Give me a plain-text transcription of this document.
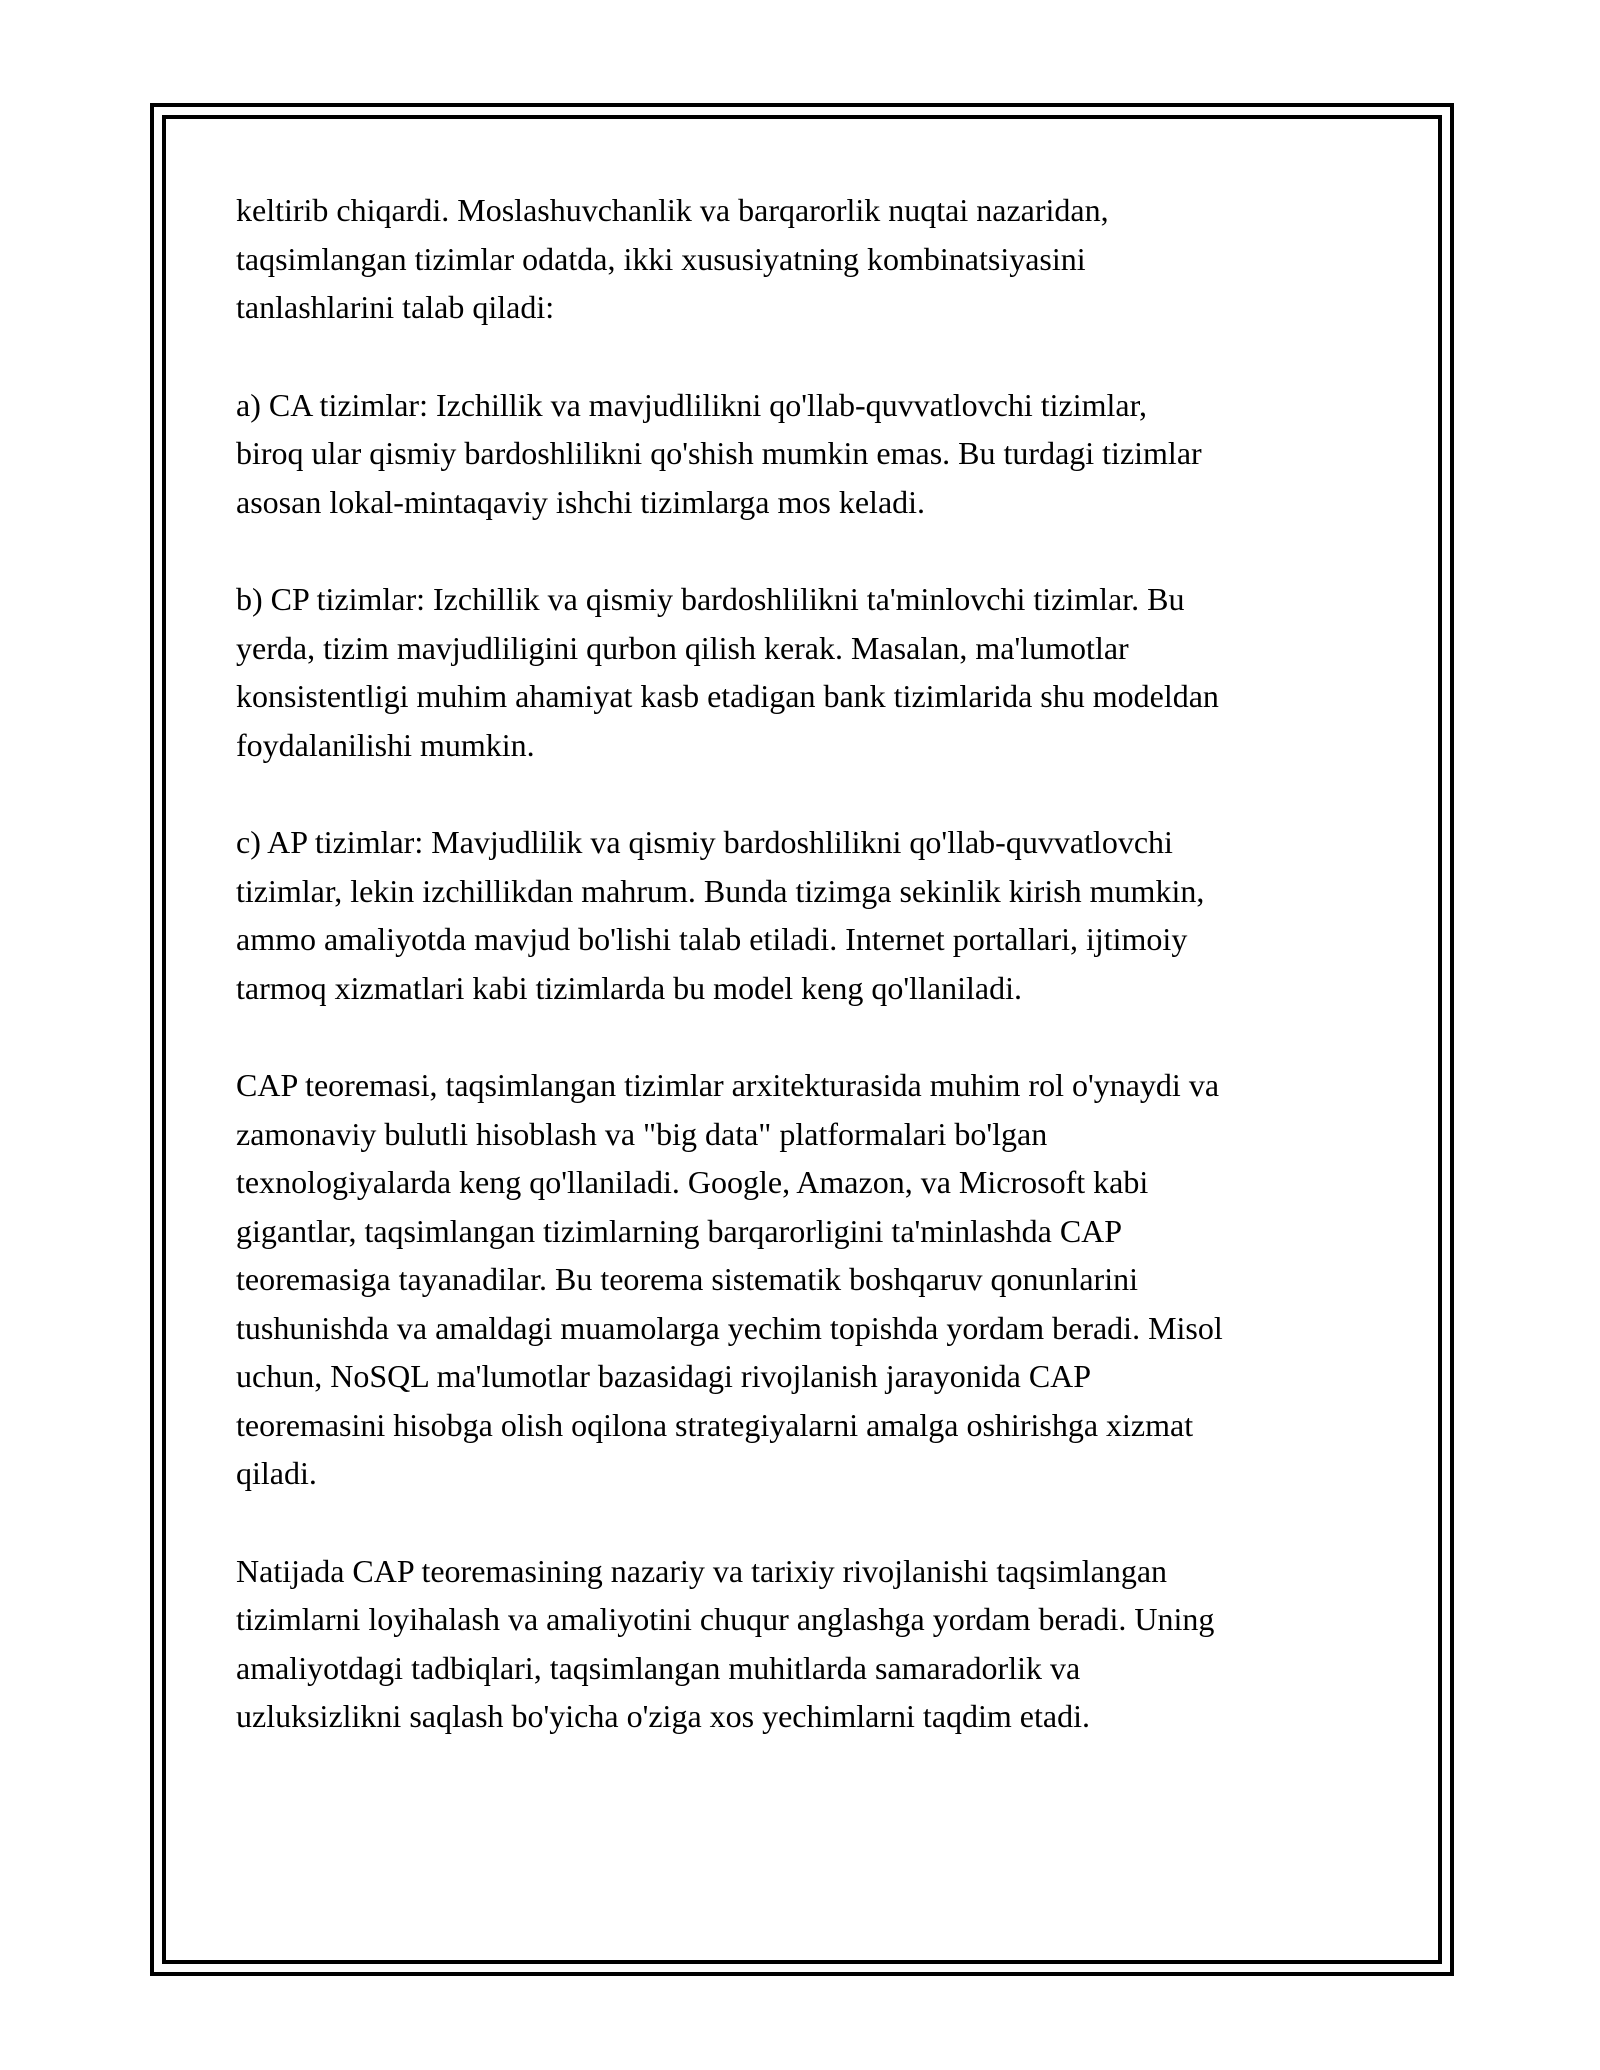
keltirib chiqardi. Moslashuvchanlik va barqarorlik nuqtai nazaridan,
taqsimlangan tizimlar odatda, ikki xususiyatning kombinatsiyasini
tanlashlarini talab qiladi:

a) CA tizimlar: Izchillik va mavjudlilikni qo'llab-quvvatlovchi tizimlar,
biroq ular qismiy bardoshlilikni qo'shish mumkin emas. Bu turdagi tizimlar
asosan lokal-mintaqaviy ishchi tizimlarga mos keladi.

b) CP tizimlar: Izchillik va qismiy bardoshlilikni ta'minlovchi tizimlar. Bu
yerda, tizim mavjudliligini qurbon qilish kerak. Masalan, ma'lumotlar
konsistentligi muhim ahamiyat kasb etadigan bank tizimlarida shu modeldan
foydalanilishi mumkin.

c) AP tizimlar: Mavjudlilik va qismiy bardoshlilikni qo'llab-quvvatlovchi
tizimlar, lekin izchillikdan mahrum. Bunda tizimga sekinlik kirish mumkin,
ammo amaliyotda mavjud bo'lishi talab etiladi. Internet portallari, ijtimoiy
tarmoq xizmatlari kabi tizimlarda bu model keng qo'llaniladi.

CAP teoremasi, taqsimlangan tizimlar arxitekturasida muhim rol o'ynaydi va
zamonaviy bulutli hisoblash va "big data" platformalari bo'lgan
texnologiyalarda keng qo'llaniladi. Google, Amazon, va Microsoft kabi
gigantlar, taqsimlangan tizimlarning barqarorligini ta'minlashda CAP
teoremasiga tayanadilar. Bu teorema sistematik boshqaruv qonunlarini
tushunishda va amaldagi muamolarga yechim topishda yordam beradi. Misol
uchun, NoSQL ma'lumotlar bazasidagi rivojlanish jarayonida CAP
teoremasini hisobga olish oqilona strategiyalarni amalga oshirishga xizmat
qiladi.

Natijada CAP teoremasining nazariy va tarixiy rivojlanishi taqsimlangan
tizimlarni loyihalash va amaliyotini chuqur anglashga yordam beradi. Uning
amaliyotdagi tadbiqlari, taqsimlangan muhitlarda samaradorlik va
uzluksizlikni saqlash bo'yicha o'ziga xos yechimlarni taqdim etadi.
